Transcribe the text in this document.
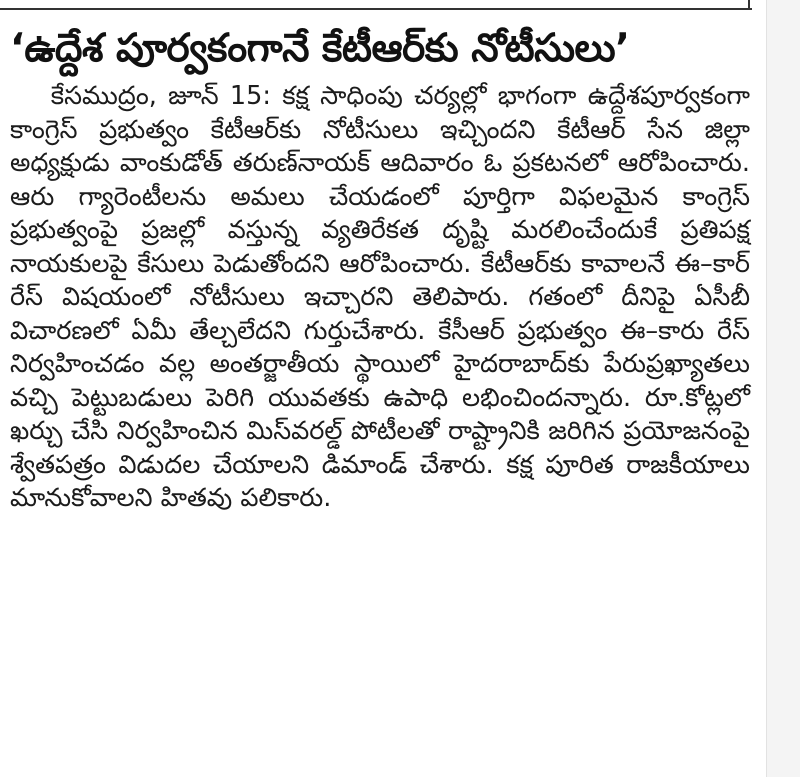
‘ఉద్దేశ పూర్వకంగానే కేటీఆర్‌కు నోటీసులు’

కేసముద్రం, జూన్ 15: కక్ష సాధింపు చర్యల్లో భాగంగా ఉద్దేశపూర్వకంగా కాంగ్రెస్ ప్రభుత్వం కేటీఆర్‌కు నోటీసులు ఇచ్చిందని కేటీఆర్ సేన జిల్లా అధ్యక్షుడు వాంకుడోత్ తరుణ్‌నాయక్ ఆదివారం ఓ ప్రకటనలో ఆరోపించారు. ఆరు గ్యారెంటీలను అమలు చేయడంలో పూర్తిగా విఫలమైన కాంగ్రెస్ ప్రభుత్వంపై ప్రజల్లో వస్తున్న వ్యతిరేకత దృష్టి మరలించేందుకే ప్రతిపక్ష నాయకులపై కేసులు పెడుతోందని ఆరోపించారు. కేటీఆర్‌కు కావాలనే ఈ–కార్ రేస్ విషయంలో నోటీసులు ఇచ్చారని తెలిపారు. గతంలో దీనిపై ఏసీబీ విచారణలో ఏమీ తేల్చలేదని గుర్తుచేశారు. కేసీఆర్ ప్రభుత్వం ఈ–కారు రేస్ నిర్వహించడం వల్ల అంతర్జాతీయ స్థాయిలో హైదరాబాద్‌కు పేరుప్రఖ్యాతలు వచ్చి పెట్టుబడులు పెరిగి యువతకు ఉపాధి లభించిందన్నారు. రూ.కోట్లలో ఖర్చు చేసి నిర్వహించిన మిస్‌వరల్డ్ పోటీలతో రాష్ట్రానికి జరిగిన ప్రయోజనంపై శ్వేతపత్రం విడుదల చేయాలని డిమాండ్ చేశారు. కక్ష పూరిత రాజకీయాలు మానుకోవాలని హితవు పలికారు.
